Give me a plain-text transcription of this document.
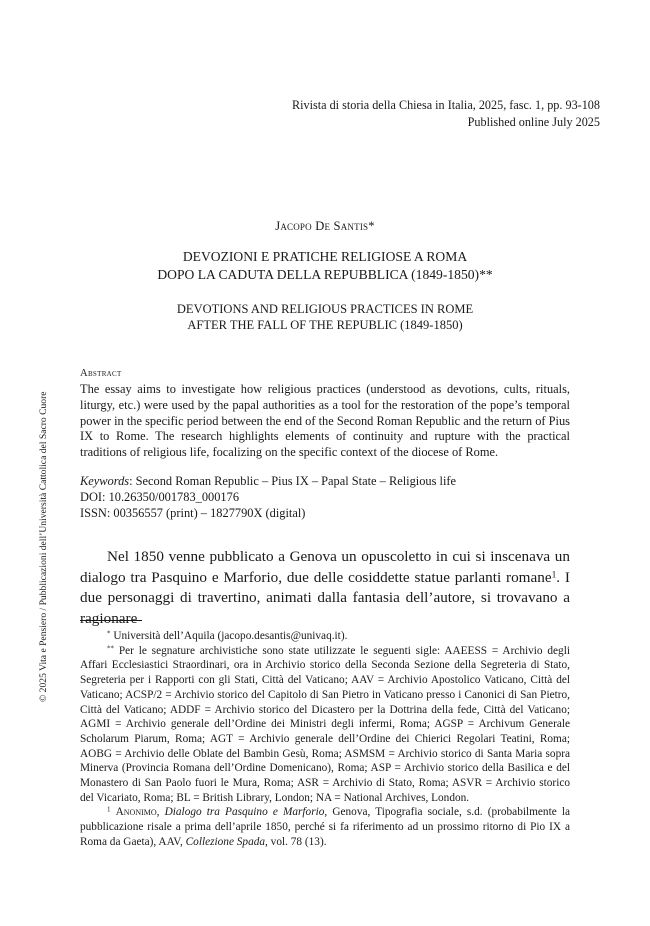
Rivista di storia della Chiesa in Italia, 2025, fasc. 1, pp. 93-108
Published online July 2025
Jacopo De Santis*
DEVOZIONI E PRATICHE RELIGIOSE A ROMA
DOPO LA CADUTA DELLA REPUBBLICA (1849-1850)**
DEVOTIONS AND RELIGIOUS PRACTICES IN ROME
AFTER THE FALL OF THE REPUBLIC (1849-1850)
Abstract
The essay aims to investigate how religious practices (understood as devotions, cults, rituals, liturgy, etc.) were used by the papal authorities as a tool for the restoration of the pope’s temporal power in the specific period between the end of the Second Roman Republic and the return of Pius IX to Rome. The research highlights elements of continuity and rupture with the practical traditions of religious life, focalizing on the specific context of the diocese of Rome.
Keywords: Second Roman Republic – Pius IX – Papal State – Religious life
DOI: 10.26350/001783_000176
ISSN: 00356557 (print) – 1827790X (digital)
Nel 1850 venne pubblicato a Genova un opuscoletto in cui si inscenava un dialogo tra Pasquino e Marforio, due delle cosiddette statue parlanti romane$^1$. I due personaggi di travertino, animati dalla fantasia dell’autore, si trovavano a ragionare

* Università dell’Aquila (jacopo.desantis@univaq.it).

** Per le segnature archivistiche sono state utilizzate le seguenti sigle: AAEESS = Archivio degli Affari Ecclesiastici Straordinari, ora in Archivio storico della Seconda Sezione della Segreteria di Stato, Segreteria per i Rapporti con gli Stati, Città del Vaticano; AAV = Archivio Apostolico Vaticano, Città del Vaticano; ACSP/2 = Archivio storico del Capitolo di San Pietro in Vaticano presso i Canonici di San Pietro, Città del Vaticano; ADDF = Archivio storico del Dicastero per la Dottrina della fede, Città del Vaticano; AGMI = Archivio generale dell’Ordine dei Ministri degli infermi, Roma; AGSP = Archivum Generale Scholarum Piarum, Roma; AGT = Archivio generale dell’Ordine dei Chierici Regolari Teatini, Roma; AOBG = Archivio delle Oblate del Bambin Gesù, Roma; ASMSM = Archivio storico di Santa Maria sopra Minerva (Provincia Romana dell’Ordine Domenicano), Roma; ASP = Archivio storico della Basilica e del Monastero di San Paolo fuori le Mura, Roma; ASR = Archivio di Stato, Roma; ASVR = Archivio storico del Vicariato, Roma; BL = British Library, London; NA = National Archives, London.

$^1$ Anonimo, Dialogo tra Pasquino e Marforio, Genova, Tipografia sociale, s.d. (probabilmente la pubblicazione risale a prima dell’aprile 1850, perché si fa riferimento ad un prossimo ritorno di Pio IX a Roma da Gaeta), AAV, Collezione Spada, vol. 78 (13).

© 2025 Vita e Pensiero / Pubblicazioni dell’Università Cattolica del Sacro Cuore
